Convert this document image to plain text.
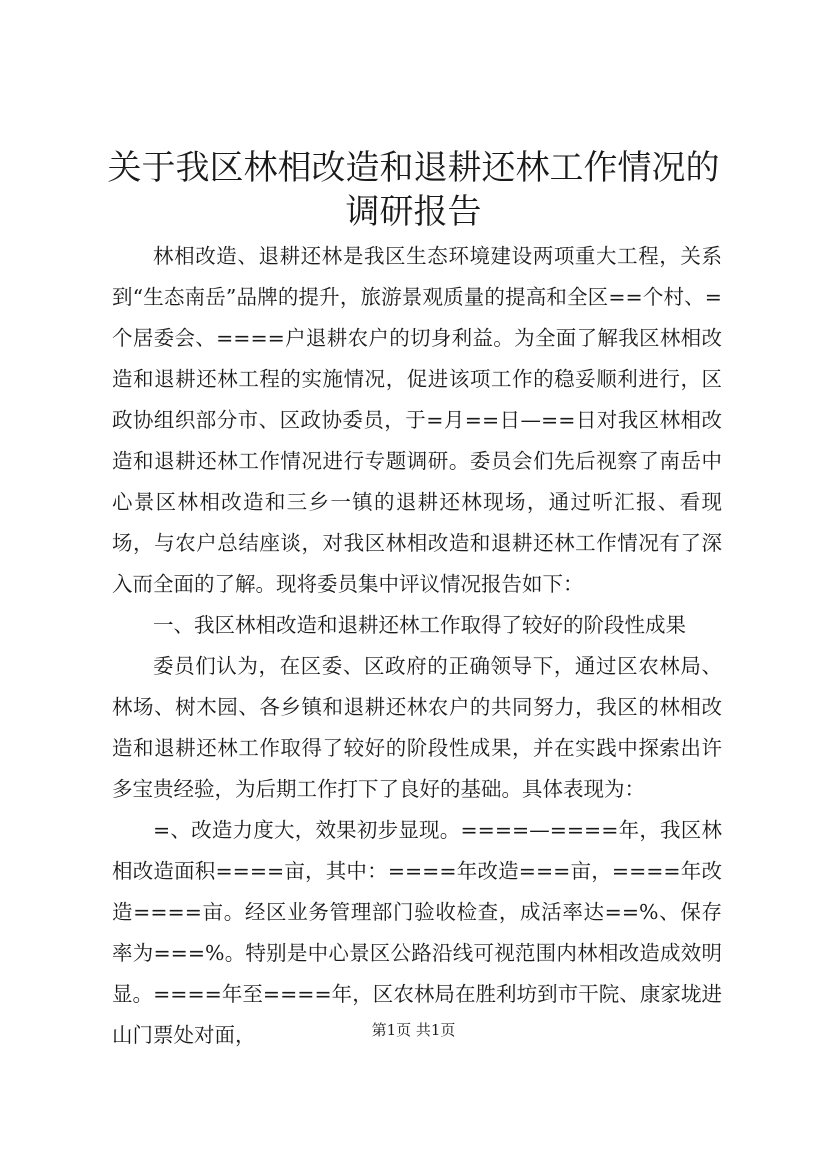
关于我区林相改造和退耕还林工作情况的调研报告

林相改造、退耕还林是我区生态环境建设两项重大工程，关系到“生态南岳”品牌的提升，旅游景观质量的提高和全区==个村、=个居委会、====户退耕农户的切身利益。为全面了解我区林相改造和退耕还林工程的实施情况，促进该项工作的稳妥顺利进行，区政协组织部分市、区政协委员，于=月==日—==日对我区林相改造和退耕还林工作情况进行专题调研。委员会们先后视察了南岳中心景区林相改造和三乡一镇的退耕还林现场，通过听汇报、看现场，与农户总结座谈，对我区林相改造和退耕还林工作情况有了深入而全面的了解。现将委员集中评议情况报告如下：

一、我区林相改造和退耕还林工作取得了较好的阶段性成果

委员们认为，在区委、区政府的正确领导下，通过区农林局、林场、树木园、各乡镇和退耕还林农户的共同努力，我区的林相改造和退耕还林工作取得了较好的阶段性成果，并在实践中探索出许多宝贵经验，为后期工作打下了良好的基础。具体表现为：

=、改造力度大，效果初步显现。====—====年，我区林相改造面积====亩，其中：====年改造===亩，====年改造====亩。经区业务管理部门验收检查，成活率达==%、保存率为===%。特别是中心景区公路沿线可视范围内林相改造成效明显。====年至====年，区农林局在胜利坊到市干院、康家垅进山门票处对面，	第1页 共1页
